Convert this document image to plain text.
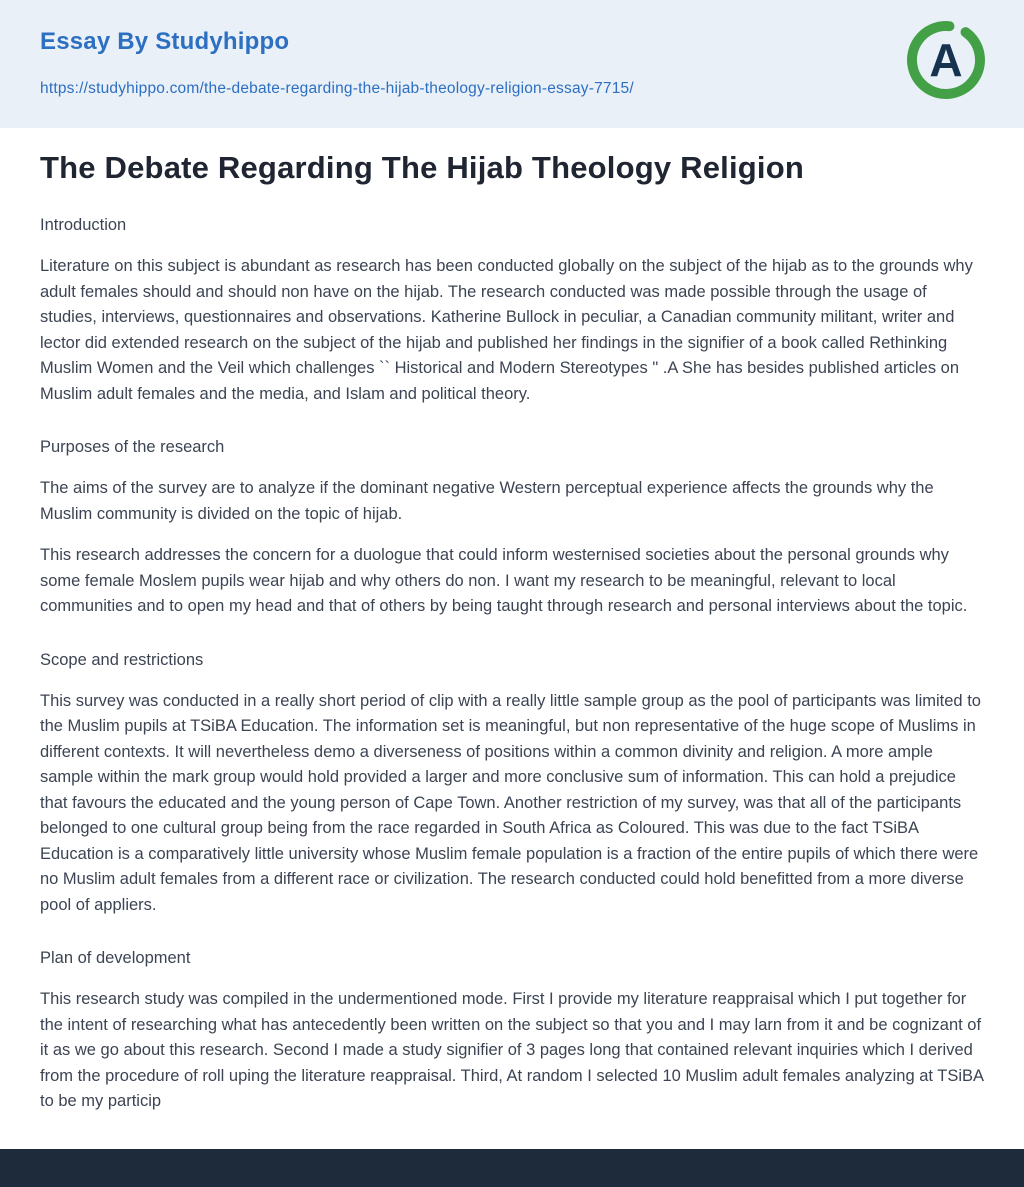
Essay By Studyhippo
https://studyhippo.com/the-debate-regarding-the-hijab-theology-religion-essay-7715/
A
The Debate Regarding The Hijab Theology Religion

Introduction

Literature on this subject is abundant as research has been conducted globally on the subject of the hijab as to the grounds why adult females should and should non have on the hijab. The research conducted was made possible through the usage of studies, interviews, questionnaires and observations. Katherine Bullock in peculiar, a Canadian community militant, writer and lector did extended research on the subject of the hijab and published her findings in the signifier of a book called Rethinking Muslim Women and the Veil which challenges `` Historical and Modern Stereotypes " .A She has besides published articles on Muslim adult females and the media, and Islam and political theory.

Purposes of the research

The aims of the survey are to analyze if the dominant negative Western perceptual experience affects the grounds why the Muslim community is divided on the topic of hijab.

This research addresses the concern for a duologue that could inform westernised societies about the personal grounds why some female Moslem pupils wear hijab and why others do non. I want my research to be meaningful, relevant to local communities and to open my head and that of others by being taught through research and personal interviews about the topic.

Scope and restrictions

This survey was conducted in a really short period of clip with a really little sample group as the pool of participants was limited to the Muslim pupils at TSiBA Education. The information set is meaningful, but non representative of the huge scope of Muslims in different contexts. It will nevertheless demo a diverseness of positions within a common divinity and religion. A more ample sample within the mark group would hold provided a larger and more conclusive sum of information. This can hold a prejudice that favours the educated and the young person of Cape Town. Another restriction of my survey, was that all of the participants belonged to one cultural group being from the race regarded in South Africa as Coloured. This was due to the fact TSiBA Education is a comparatively little university whose Muslim female population is a fraction of the entire pupils of which there were no Muslim adult females from a different race or civilization. The research conducted could hold benefitted from a more diverse pool of appliers.

Plan of development

This research study was compiled in the undermentioned mode. First I provide my literature reappraisal which I put together for the intent of researching what has antecedently been written on the subject so that you and I may larn from it and be cognizant of it as we go about this research. Second I made a study signifier of 3 pages long that contained relevant inquiries which I derived from the procedure of roll uping the literature reappraisal. Third, At random I selected 10 Muslim adult females analyzing at TSiBA to be my particip
